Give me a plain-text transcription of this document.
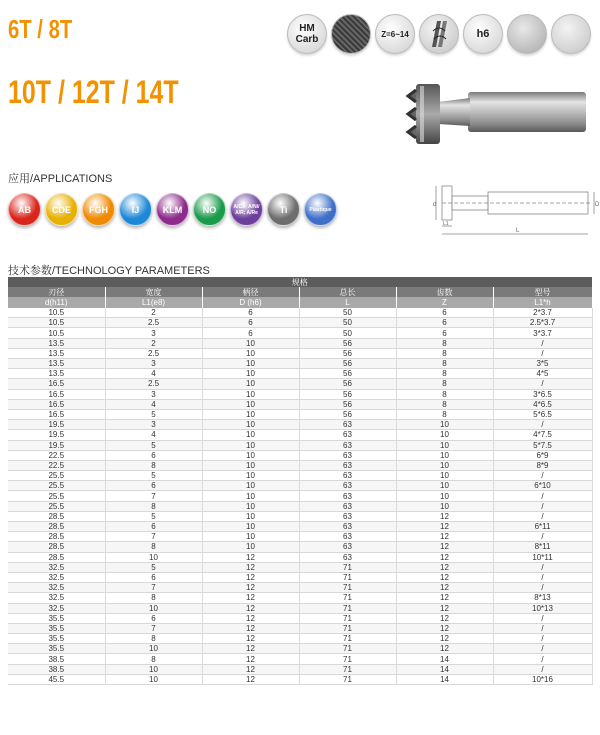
6T / 8T
10T / 12T / 14T
HM
Carb	Z=6~14	h6
d
L1
D
L
应用/APPLICATIONS
AB	CDE	FGH	IJ	KLM	NO	A/Co; A/Ni/ A/R; A/Re	Ti	Plastique
技术参数/TECHNOLOGY PARAMETERS
规格					
刃径	宽度	柄径	总长	齿数	型号
d(h11)	L1(e8)	D (h6)	L	Z	L1*h
10.5	2	6	50	6	2*3.7
10.5	2.5	6	50	6	2.5*3.7
10.5	3	6	50	6	3*3.7
13.5	2	10	56	8	/
13.5	2.5	10	56	8	/
13.5	3	10	56	8	3*5
13.5	4	10	56	8	4*5
16.5	2.5	10	56	8	/
16.5	3	10	56	8	3*6.5
16.5	4	10	56	8	4*6.5
16.5	5	10	56	8	5*6.5
19.5	3	10	63	10	/
19.5	4	10	63	10	4*7.5
19.5	5	10	63	10	5*7.5
22.5	6	10	63	10	6*9
22.5	8	10	63	10	8*9
25.5	5	10	63	10	/
25.5	6	10	63	10	6*10
25.5	7	10	63	10	/
25.5	8	10	63	10	/
28.5	5	10	63	12	/
28.5	6	10	63	12	6*11
28.5	7	10	63	12	/
28.5	8	10	63	12	8*11
28.5	10	12	63	12	10*11
32.5	5	12	71	12	/
32.5	6	12	71	12	/
32.5	7	12	71	12	/
32.5	8	12	71	12	8*13
32.5	10	12	71	12	10*13
35.5	6	12	71	12	/
35.5	7	12	71	12	/
35.5	8	12	71	12	/
35.5	10	12	71	12	/
38.5	8	12	71	14	/
38.5	10	12	71	14	/
45.5	10	12	71	14	10*16
